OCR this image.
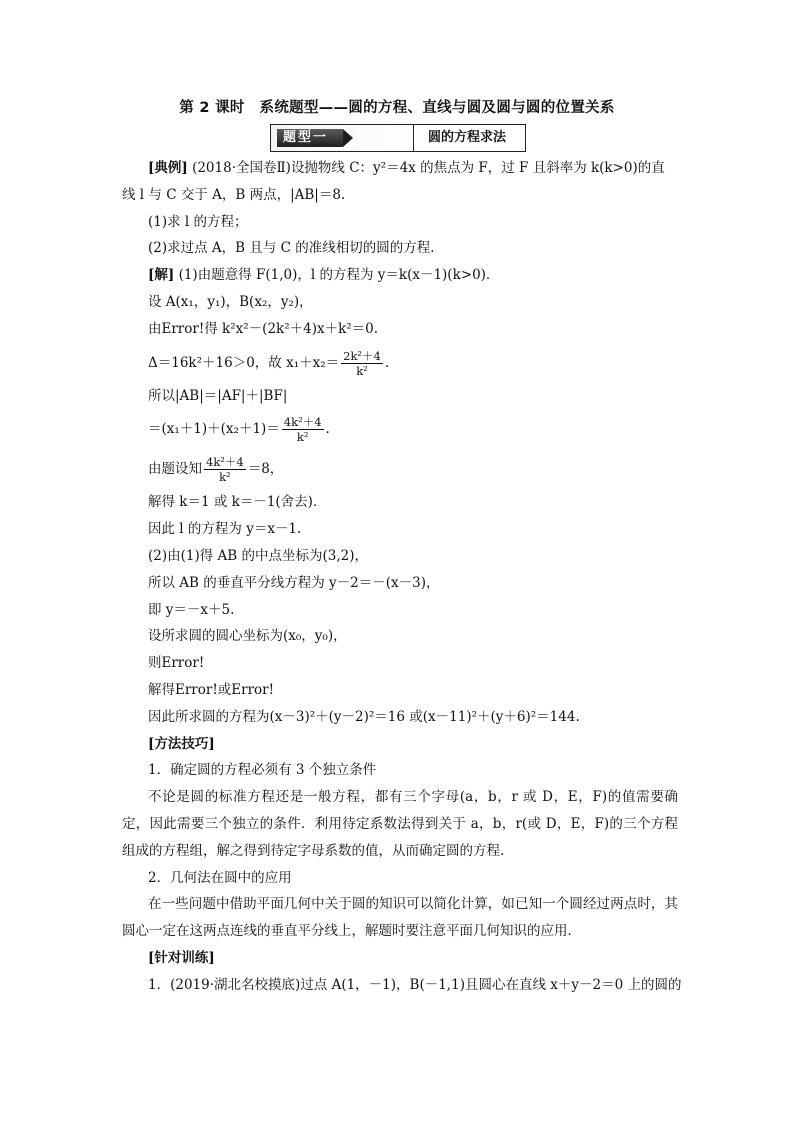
第 2 课时　系统题型——圆的方程、直线与圆及圆与圆的位置关系
题型一	圆的方程求法

[典例] (2018·全国卷Ⅱ)设抛物线 C：y²＝4x 的焦点为 F，过 F 且斜率为 k(k>0)的直

线 l 与 C 交于 A，B 两点，|AB|＝8.

(1)求 l 的方程；

(2)求过点 A，B 且与 C 的准线相切的圆的方程．

[解] (1)由题意得 F(1,0)，l 的方程为 y＝k(x－1)(k>0)．

设 A(x₁，y₁)，B(x₂，y₂)，

由Error!得 k²x²－(2k²＋4)x＋k²＝0.

Δ＝16k²＋16＞0，故 $x_1+x_2= \frac{\text{2k²＋4}}{\text{k²}}$ .

所以|AB|＝|AF|＋|BF|

$=(x_1+1)+(x_2+1)= \frac{\text{4k²＋4}}{\text{k²}}$ .

由题设知 $\frac{\text{4k²＋4}}{\text{k²}} =8$，

解得 k＝1 或 k＝－1(舍去)．

因此 l 的方程为 y＝x－1.

(2)由(1)得 AB 的中点坐标为(3,2)，

所以 AB 的垂直平分线方程为 y－2＝－(x－3)，

即 y＝－x＋5.

设所求圆的圆心坐标为(x₀，y₀)，

则Error!

解得Error!或Error!

因此所求圆的方程为(x－3)²＋(y－2)²＝16 或(x－11)²＋(y＋6)²＝144.

[方法技巧]

1．确定圆的方程必须有 3 个独立条件

不论是圆的标准方程还是一般方程，都有三个字母(a，b，r 或 D，E，F)的值需要确定，因此需要三个独立的条件．利用待定系数法得到关于 a，b，r(或 D，E，F)的三个方程组成的方程组，解之得到待定字母系数的值，从而确定圆的方程．

2．几何法在圆中的应用

在一些问题中借助平面几何中关于圆的知识可以简化计算，如已知一个圆经过两点时，其圆心一定在这两点连线的垂直平分线上，解题时要注意平面几何知识的应用．

[针对训练]

1．(2019·湖北名校摸底)过点 A(1，－1)，B(－1,1)且圆心在直线 x＋y－2＝0 上的圆的
